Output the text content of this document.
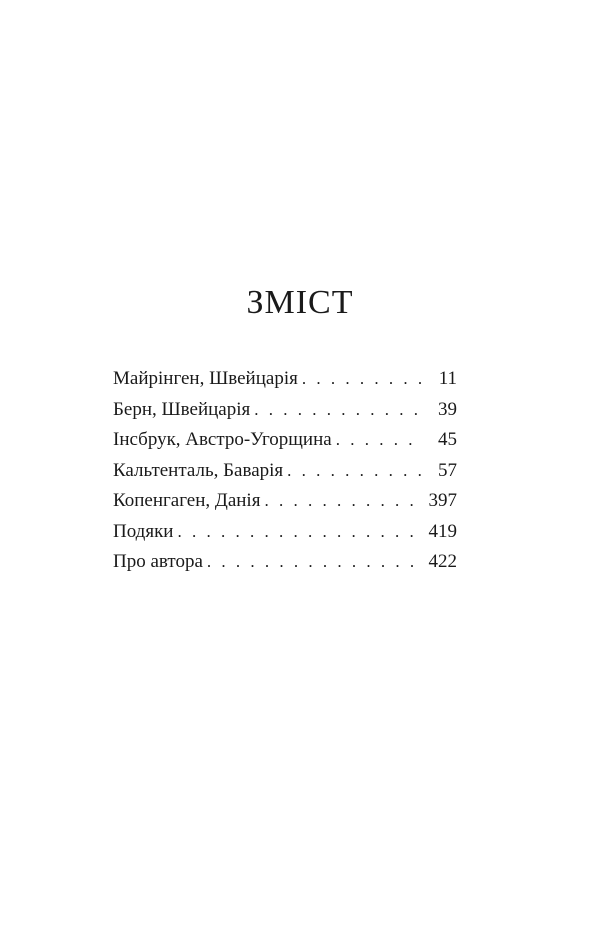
ЗМІСТ
Майрінген, Швейцарія . . .	11
Берн, Швейцарія . . .	39
Інсбрук, Австро-Угорщина . . .	45
Кальтенталь, Баварія . . .	57
Копенгаген, Данія . . .	397
Подяки . . .	419
Про автора . . .	422
